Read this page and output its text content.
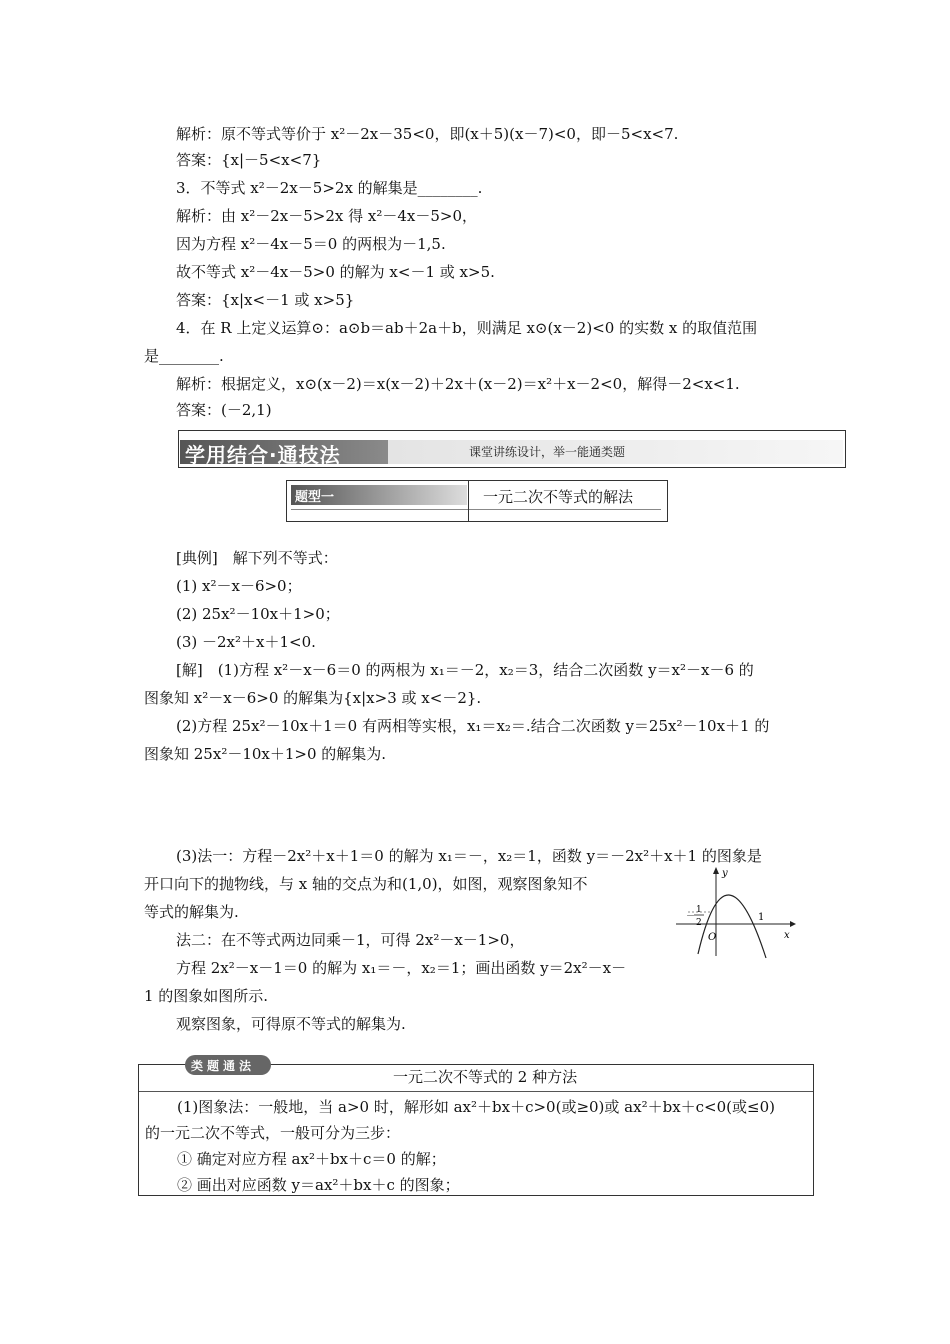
解析：原不等式等价于 x²－2x－35<0，即(x＋5)(x－7)<0，即－5<x<7.
答案：{x|－5<x<7}
3．不等式 x²－2x－5>2x 的解集是________.
解析：由 x²－2x－5>2x 得 x²－4x－5>0，
因为方程 x²－4x－5＝0 的两根为－1,5.
故不等式 x²－4x－5>0 的解为 x<－1 或 x>5.
答案：{x|x<－1 或 x>5}
4．在 R 上定义运算⊙：a⊙b＝ab＋2a＋b，则满足 x⊙(x－2)<0 的实数 x 的取值范围
是________.
解析：根据定义，x⊙(x－2)＝x(x－2)＋2x＋(x－2)＝x²＋x－2<0，解得－2<x<1.
答案：(－2,1)
学用结合·通技法	课堂讲练设计，举一能通类题
题型一	一元二次不等式的解法
[典例]　解下列不等式：
(1) x²－x－6>0；
(2) 25x²－10x＋1>0；
(3) －2x²＋x＋1<0.
[解]　(1)方程 x²－x－6＝0 的两根为 x₁＝－2，x₂＝3，结合二次函数 y＝x²－x－6 的
图象知 x²－x－6>0 的解集为{x|x>3 或 x<－2}.
(2)方程 25x²－10x＋1＝0 有两相等实根，x₁＝x₂＝.结合二次函数 y＝25x²－10x＋1 的
图象知 25x²－10x＋1>0 的解集为.
(3)法一：方程－2x²＋x＋1＝0 的解为 x₁＝－，x₂＝1，函数 y＝－2x²＋x＋1 的图象是
开口向下的抛物线，与 x 轴的交点为和(1,0)，如图，观察图象知不
等式的解集为.
法二：在不等式两边同乘－1，可得 2x²－x－1>0，
方程 2x²－x－1＝0 的解为 x₁＝－，x₂＝1；画出函数 y＝2x²－x－
1 的图象如图所示.
观察图象，可得原不等式的解集为.
y
x
O
1
－
2	1
类题通法
一元二次不等式的 2 种方法
(1)图象法：一般地，当 a>0 时，解形如 ax²＋bx＋c>0(或≥0)或 ax²＋bx＋c<0(或≤0)
的一元二次不等式，一般可分为三步：
① 确定对应方程 ax²＋bx＋c＝0 的解；
② 画出对应函数 y＝ax²＋bx＋c 的图象；
